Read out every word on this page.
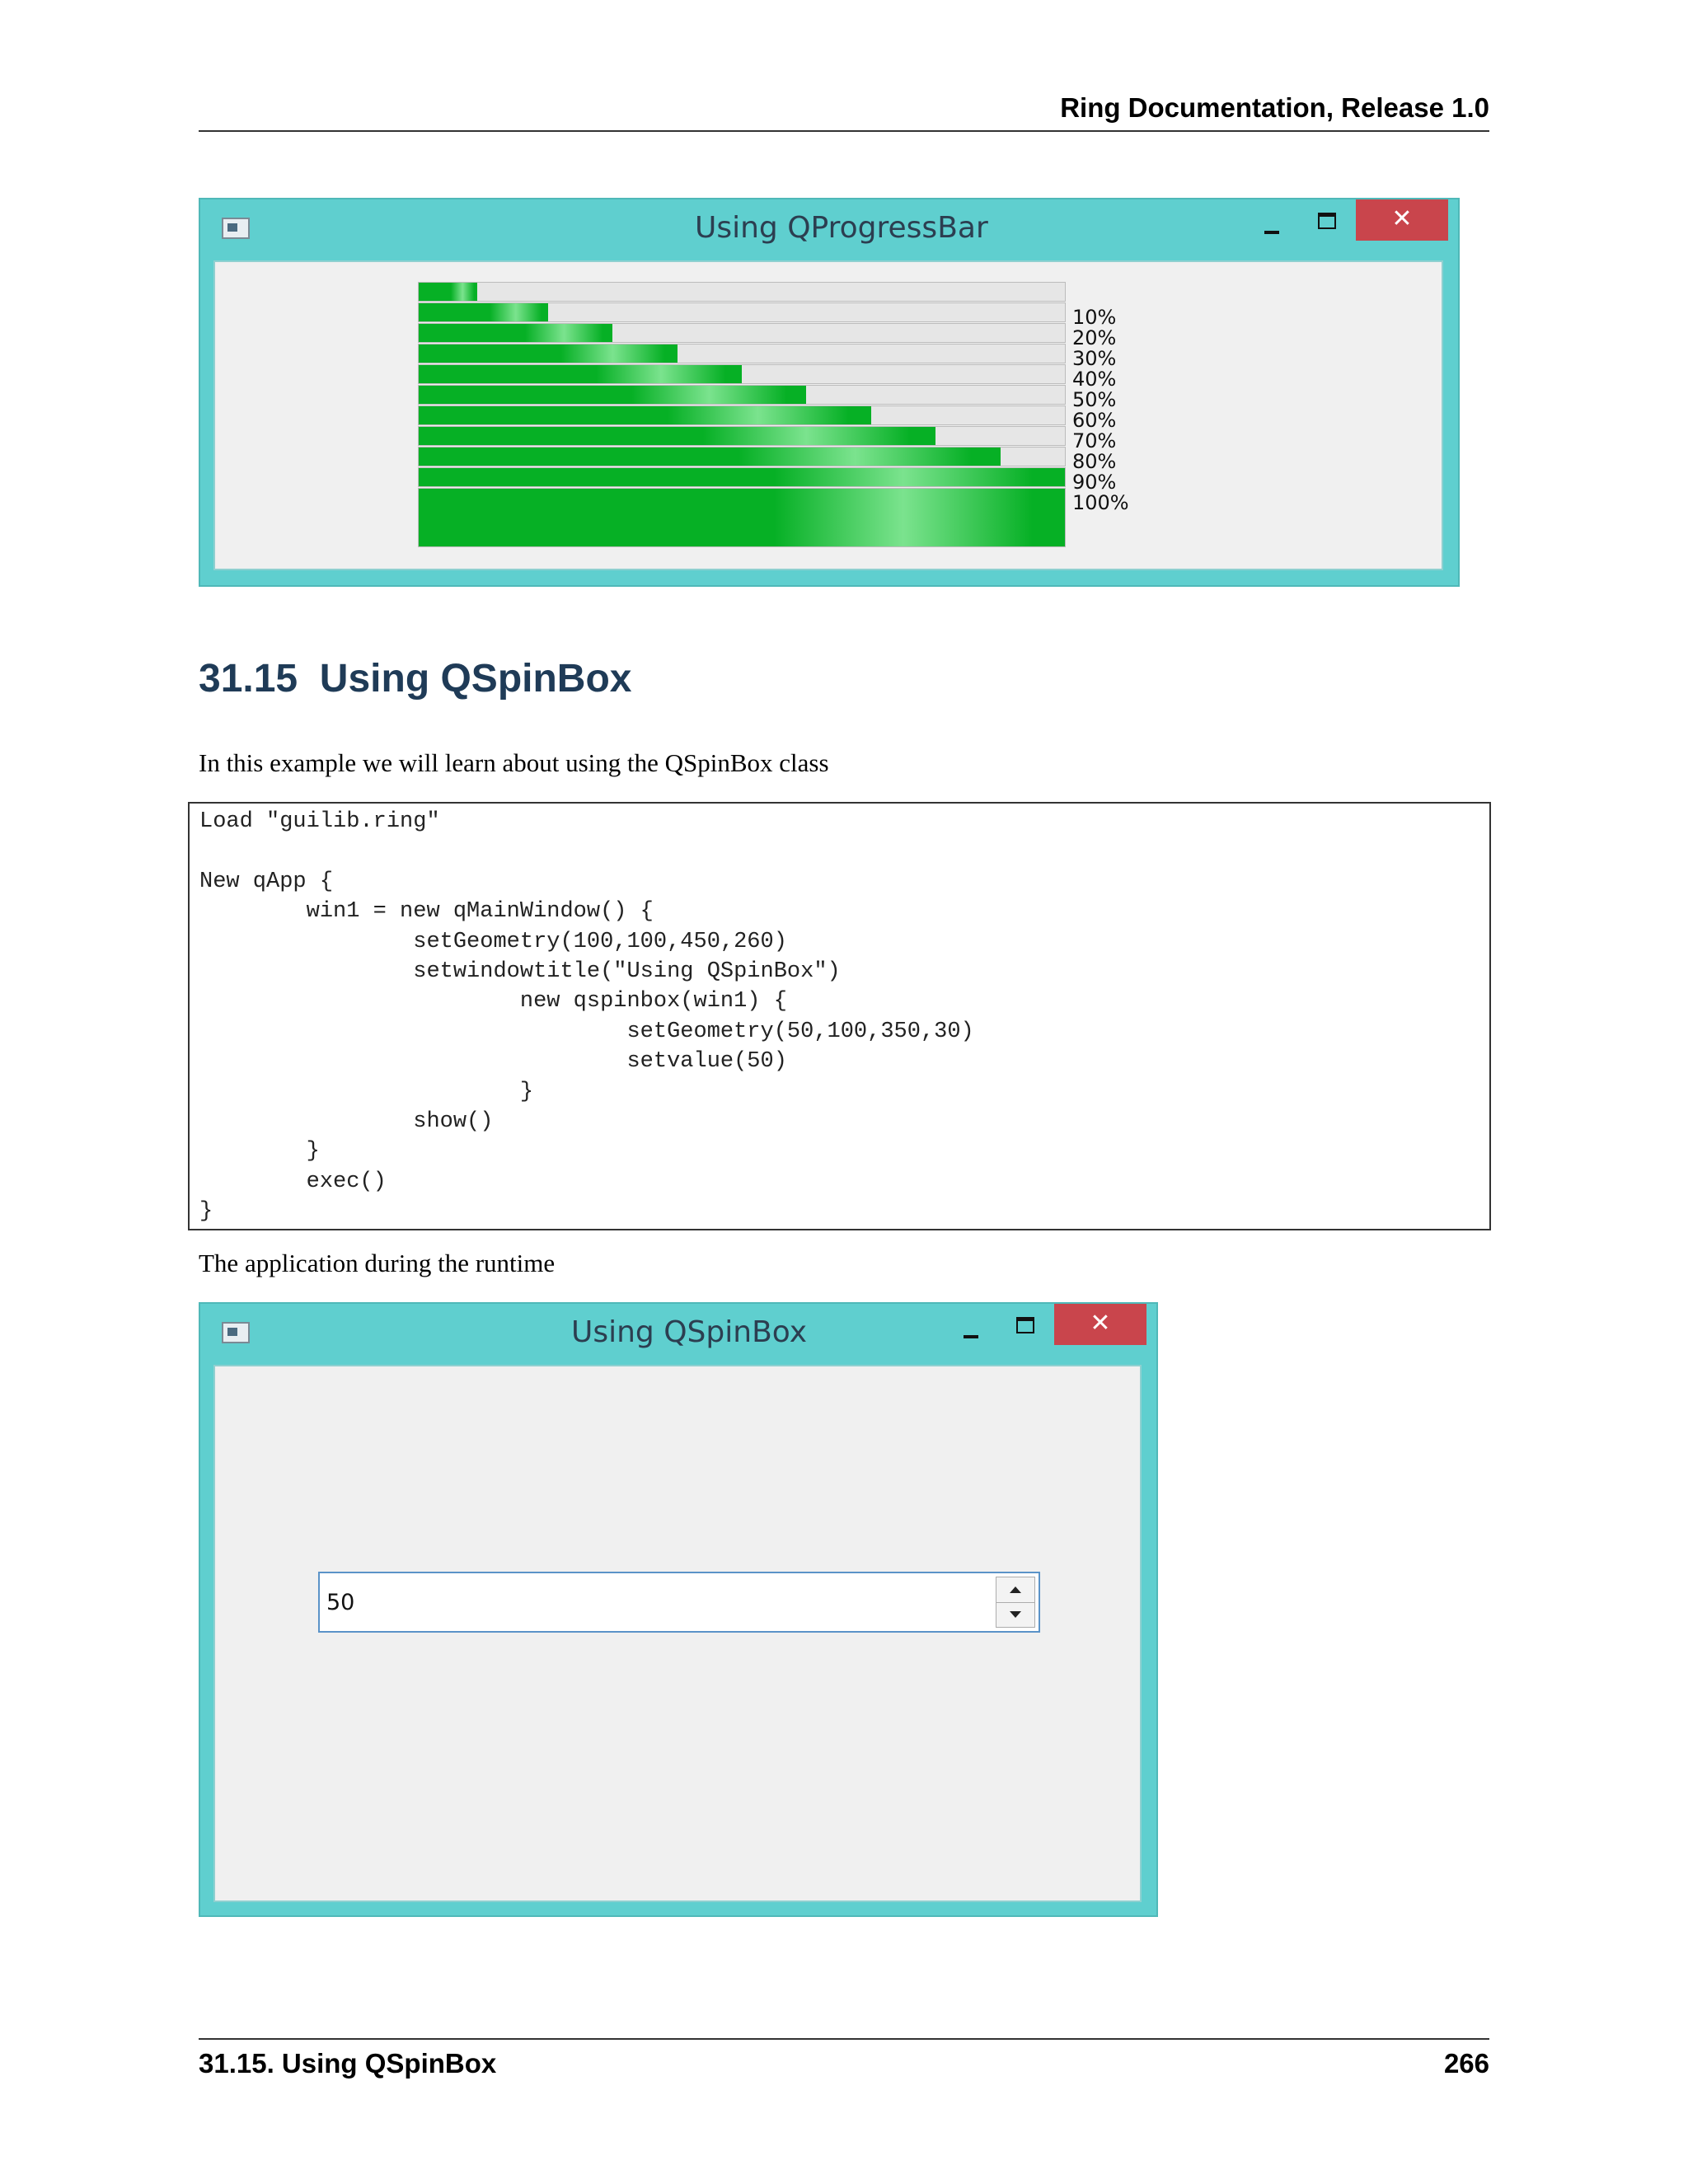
Ring Documentation, Release 1.0
Using QProgressBar	✕
10%
20%
30%
40%
50%
60%
70%
80%
90%
100%
31.15 Using QSpinBox

In this example we will learn about using the QSpinBox class

Load "guilib.ring"
New qApp {
win1 = new qMainWindow() {
setGeometry(100,100,450,260)
setwindowtitle("Using QSpinBox")
new qspinbox(win1) {
setGeometry(50,100,350,30)
setvalue(50)
}
show()
}
exec()
}

The application during the runtime

Using QSpinBox	✕
50
31.15. Using QSpinBox	266
